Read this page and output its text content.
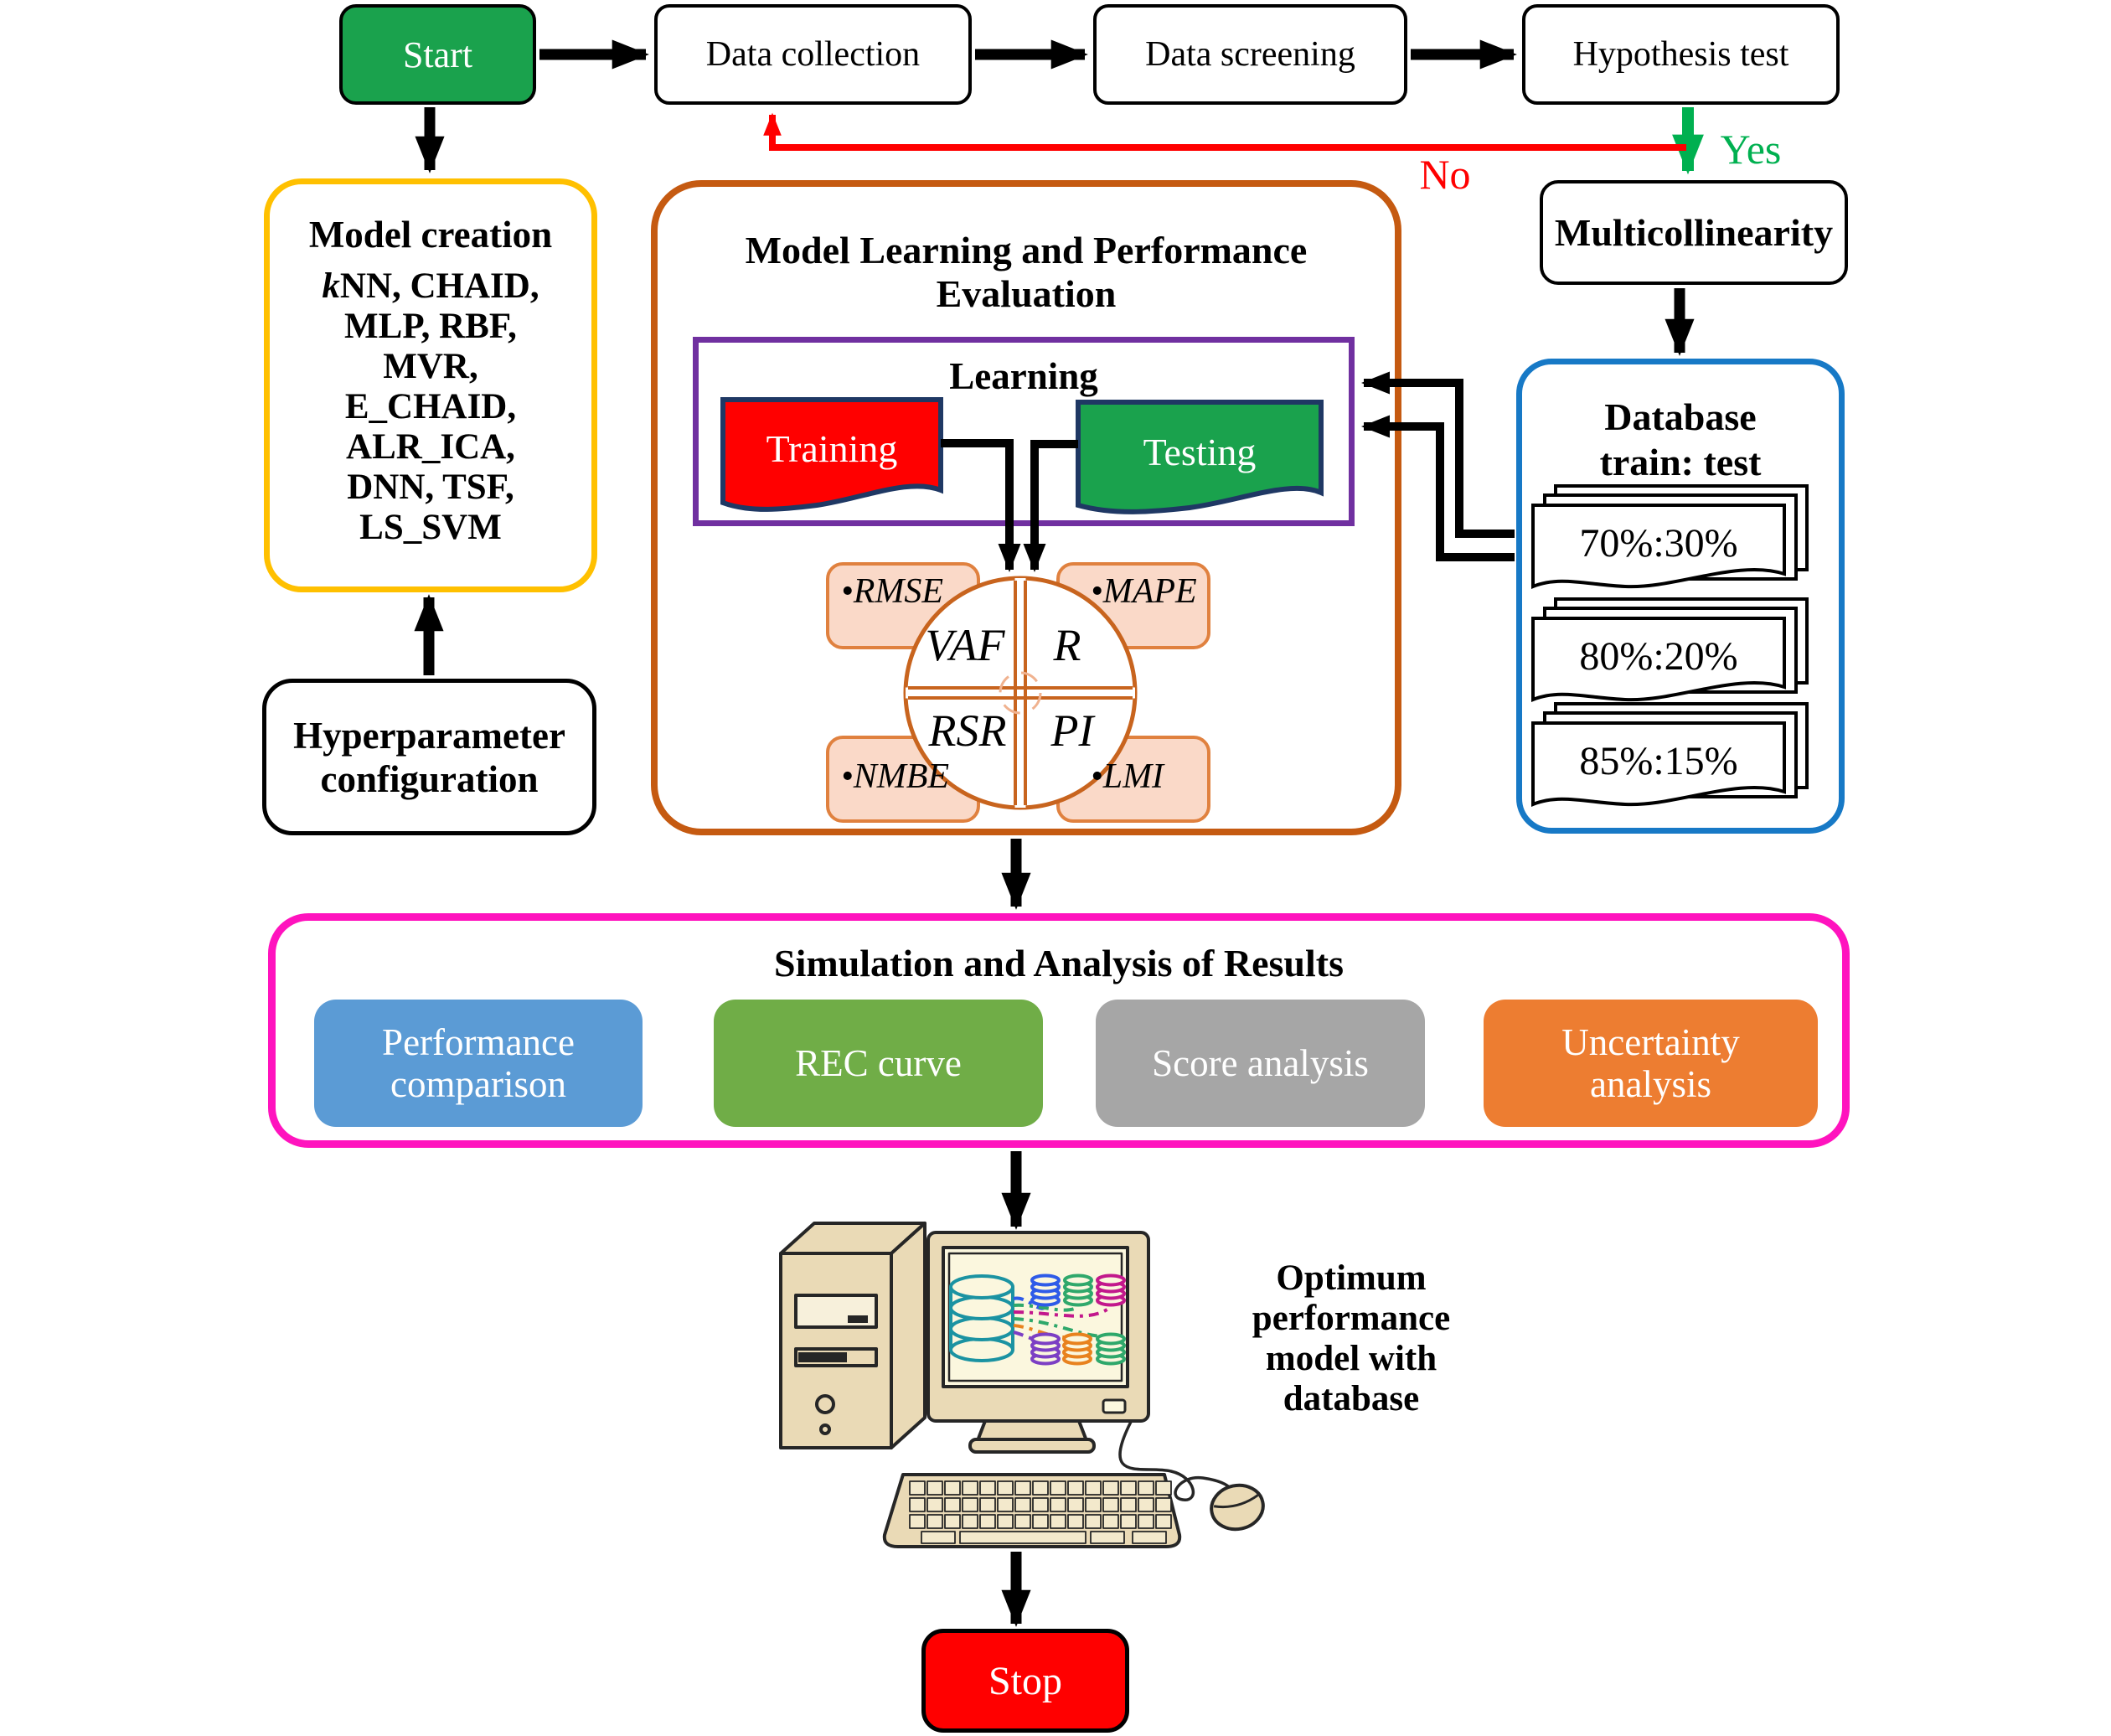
Start	Data collection	Data screening	Hypothesis test
Yes
No
Multicollinearity
Model creation
kNN, CHAID,
MLP, RBF,
MVR,
E_CHAID,
ALR_ICA,
DNN, TSF,
LS_SVM
Hyperparameter
configuration
Model Learning and Performance
Evaluation
Learning
Training	Testing
VAF	R
RSR PI
•RMSE	•MAPE
•NMBE	•LMI
Database
train: test
70%:30%
80%:20%
85%:15%
Simulation and Analysis of Results
Performance comparison
REC curve	Score analysis
Uncertainty analysis
Optimum
performance
model with
database
Stop
